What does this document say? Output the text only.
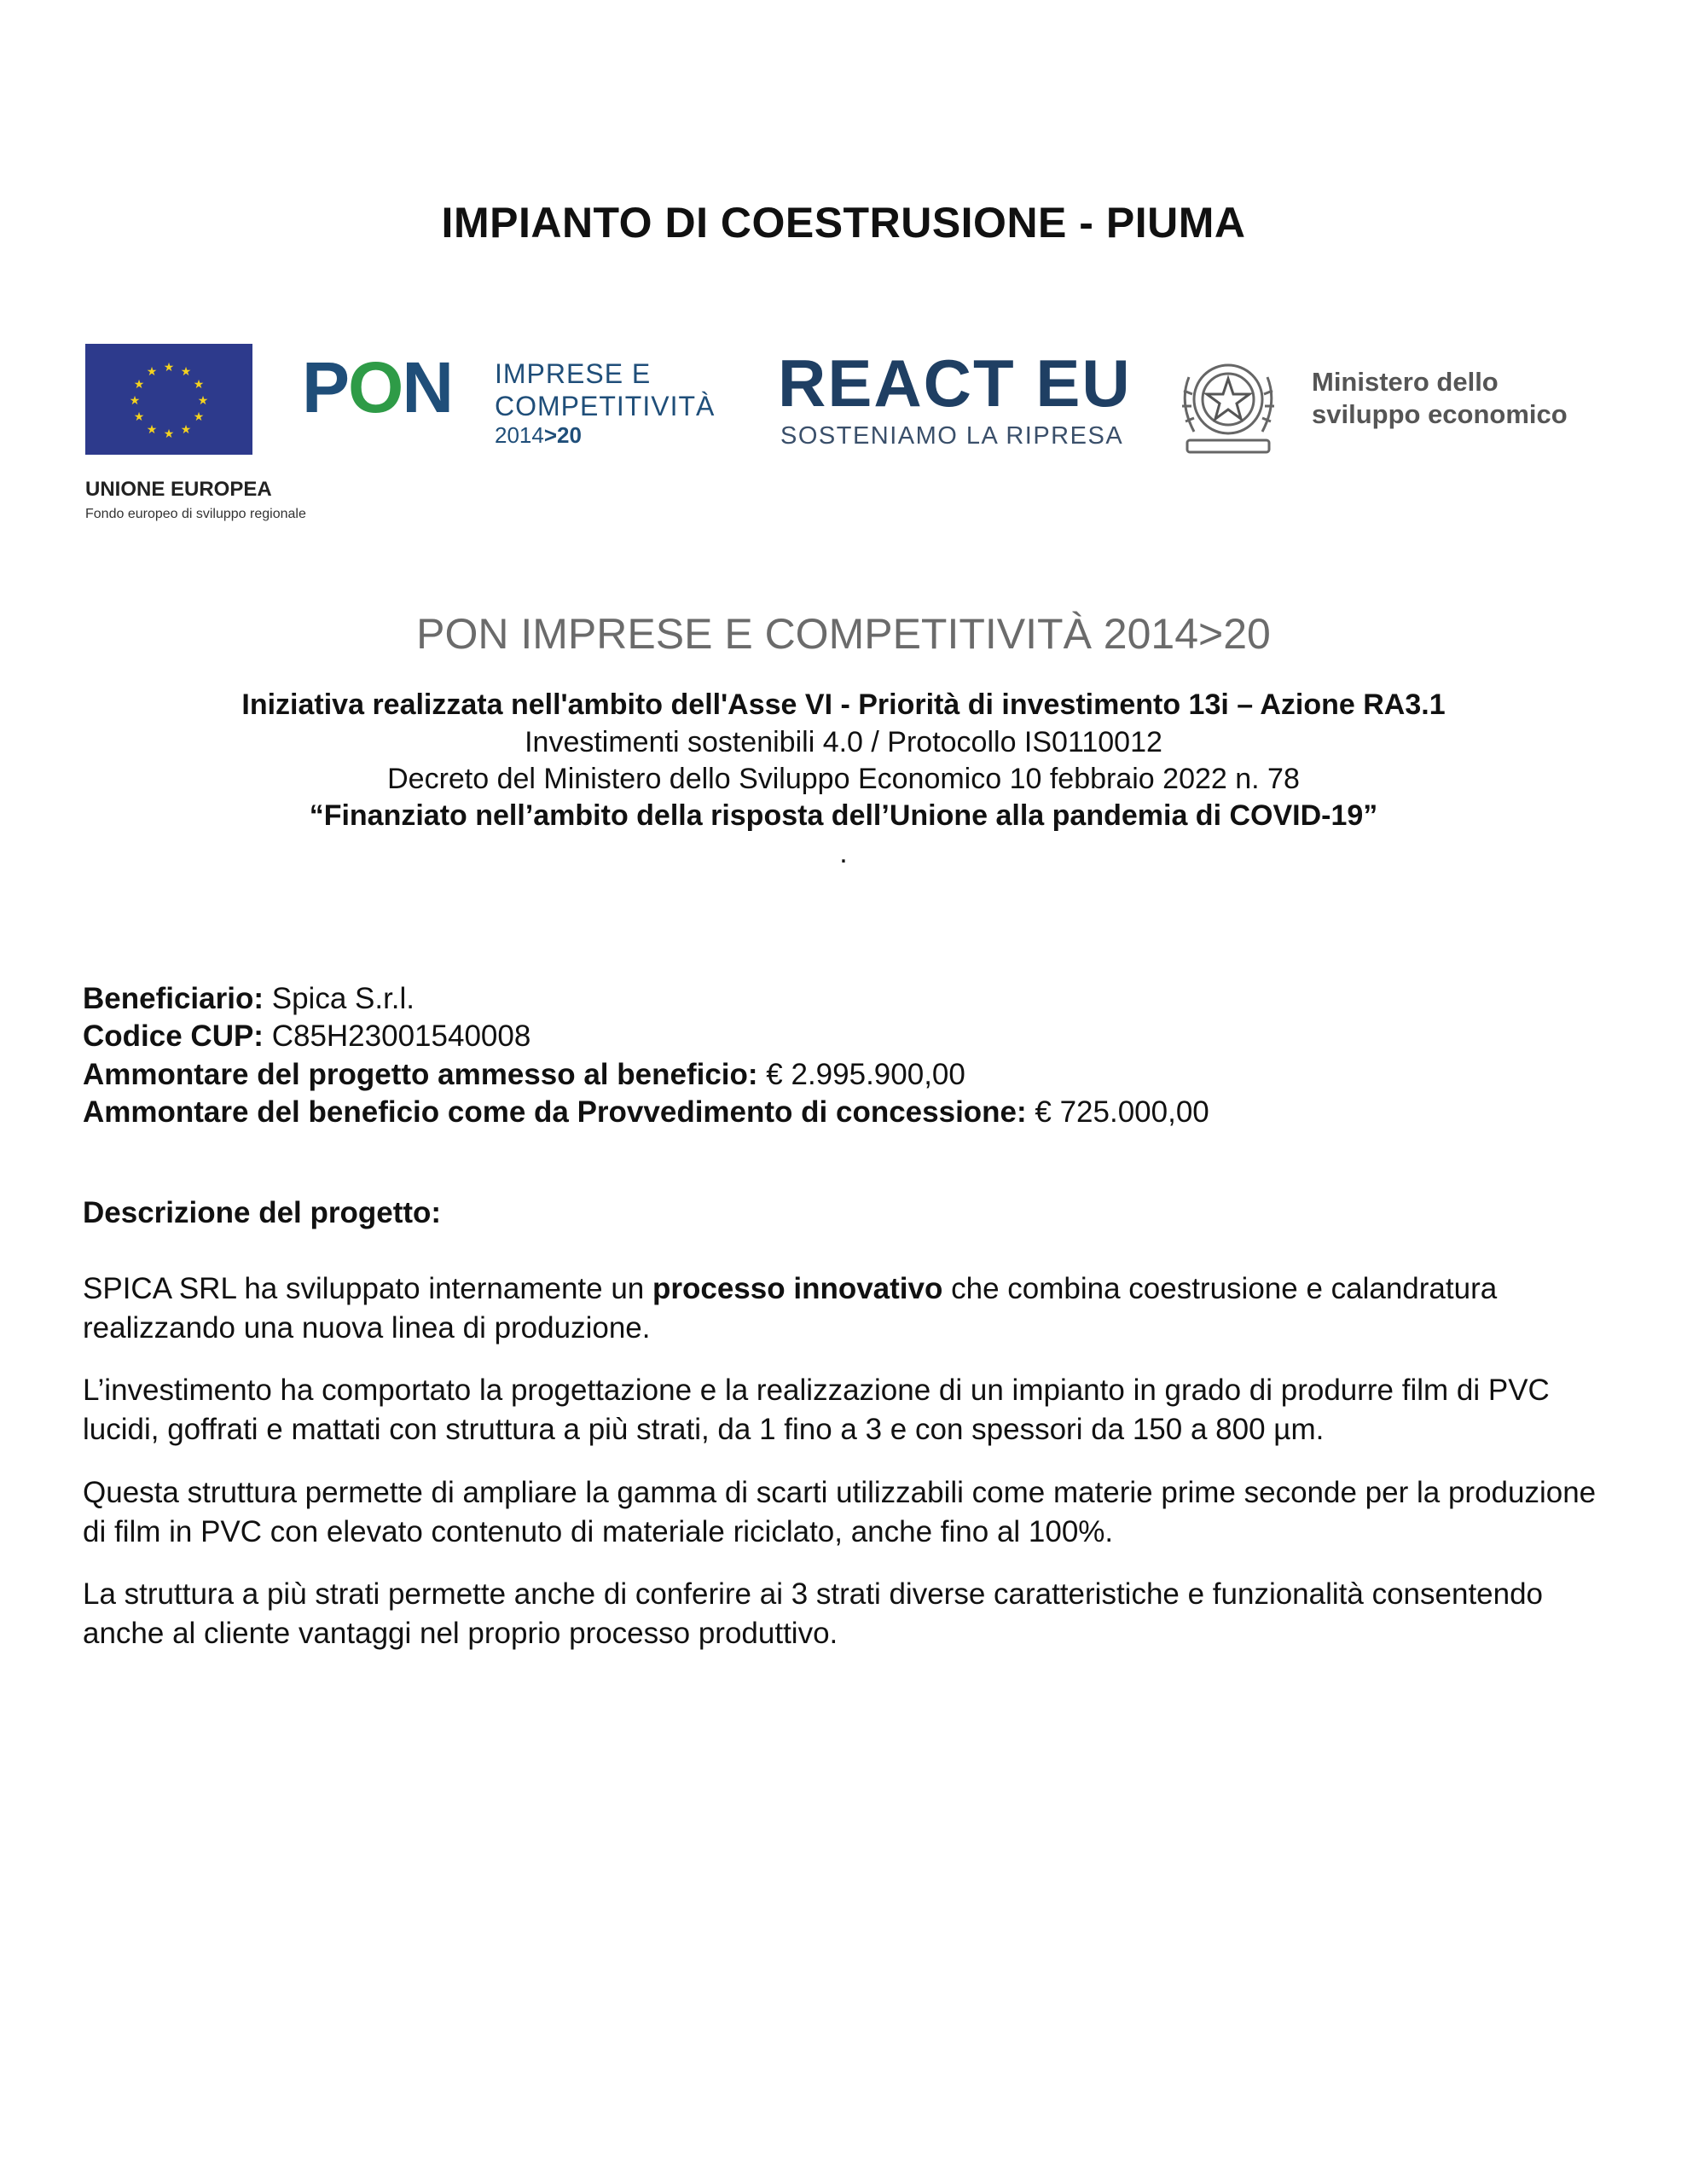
IMPIANTO DI COESTRUSIONE - PIUMA
★ ★
★
★
★
★
★
★
★
★
★
★
UNIONE EUROPEA
Fondo europeo di sviluppo regionale
PON IMPRESE E
COMPETITIVITÀ
2014>20
REACT EU
SOSTENIAMO LA RIPRESA
Ministero dello
sviluppo economico
PON IMPRESE E COMPETITIVITÀ 2014>20
Iniziativa realizzata nell'ambito dell'Asse VI - Priorità di investimento 13i – Azione RA3.1
Investimenti sostenibili 4.0 / Protocollo IS0110012
Decreto del Ministero dello Sviluppo Economico 10 febbraio 2022 n. 78
“Finanziato nell’ambito della risposta dell’Unione alla pandemia di COVID-19”
.
Beneficiario: Spica S.r.l.
Codice CUP: C85H23001540008
Ammontare del progetto ammesso al beneficio: € 2.995.900,00
Ammontare del beneficio come da Provvedimento di concessione: € 725.000,00
Descrizione del progetto:
SPICA SRL ha sviluppato internamente un processo innovativo che combina coestrusione e calandratura realizzando una nuova linea di produzione.
L’investimento ha comportato la progettazione e la realizzazione di un impianto in grado di produrre film di PVC lucidi, goffrati e mattati con struttura a più strati, da 1 fino a 3 e con spessori da 150 a 800 µm.
Questa struttura permette di ampliare la gamma di scarti utilizzabili come materie prime seconde per la produzione di film in PVC con elevato contenuto di materiale riciclato, anche fino al 100%.
La struttura a più strati permette anche di conferire ai 3 strati diverse caratteristiche e funzionalità consentendo anche al cliente vantaggi nel proprio processo produttivo.
